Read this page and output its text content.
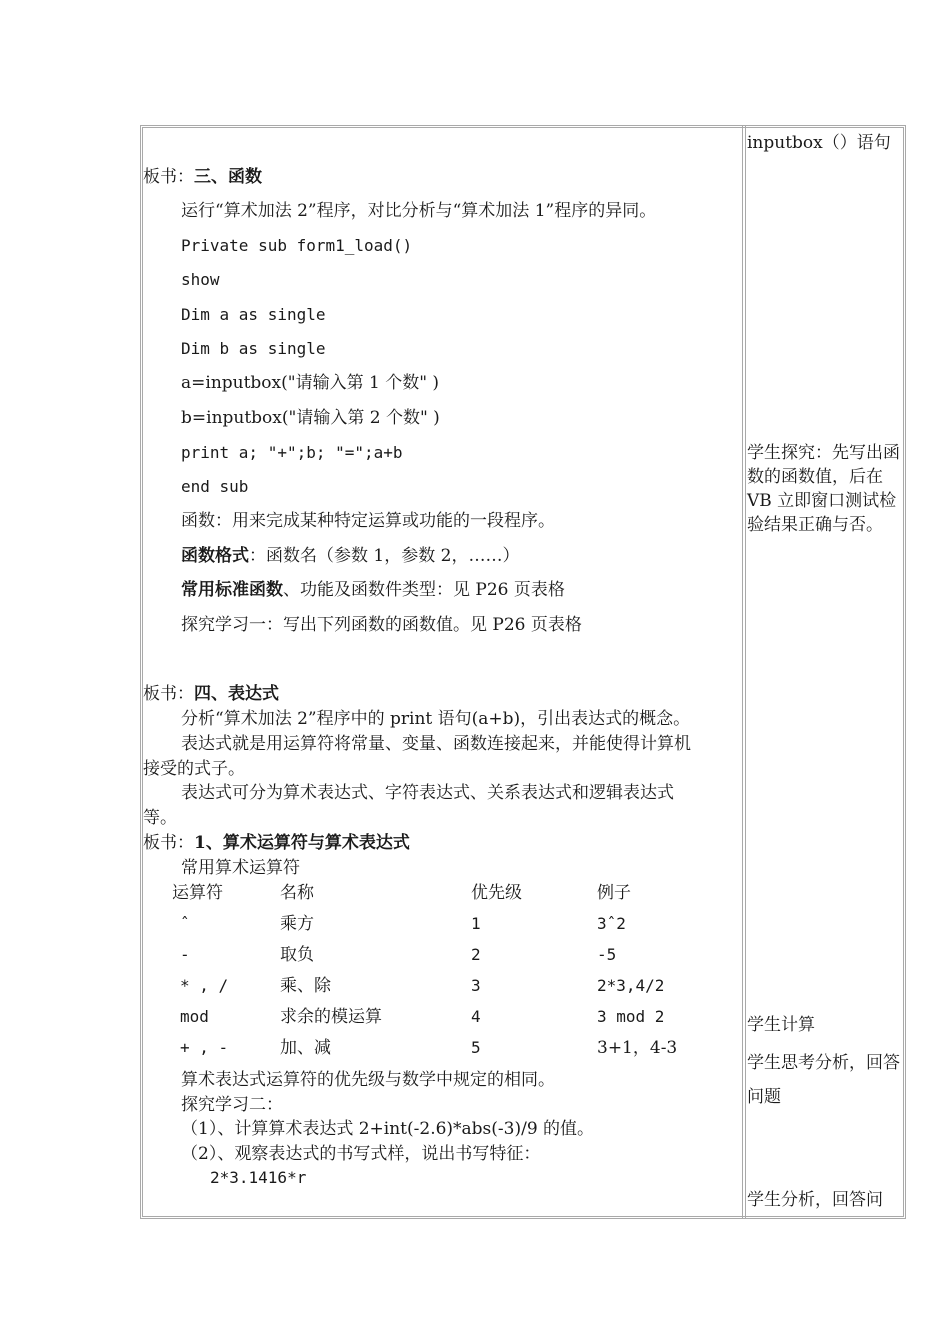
板书：三、函数
运行“算术加法 2”程序，对比分析与“算术加法 1”程序的异同。
Private sub form1_load()
show
Dim a as single
Dim b as single
a=inputbox("请输入第 1 个数" )
b=inputbox("请输入第 2 个数" )
print a; "+";b; "=";a+b
end sub
函数：用来完成某种特定运算或功能的一段程序。
函数格式：函数名（参数 1，参数 2，……）
常用标准函数、功能及函数件类型：见 P26 页表格
探究学习一：写出下列函数的函数值。见 P26 页表格
板书：四、表达式
分析“算术加法 2”程序中的 print 语句(a+b)，引出表达式的概念。
表达式就是用运算符将常量、变量、函数连接起来，并能使得计算机
接受的式子。
表达式可分为算术表达式、字符表达式、关系表达式和逻辑表达式
等。
板书：1、算术运算符与算术表达式
常用算术运算符
运算符	名称	优先级	例子
ˆ	乘方	1	3ˆ2
-	取负	2	-5
* , /	乘、除	3	2*3,4/2
mod	求余的模运算	4	3 mod 2
+ , -	加、减	5	3+1，4-3
算术表达式运算符的优先级与数学中规定的相同。
探究学习二：
（1）、计算算术表达式 2+int(-2.6)*abs(-3)/9 的值。
（2）、观察表达式的书写式样，说出书写特征：
2*3.1416*r
inputbox（）语句
学生探究：先写出函数的函数值，后在 VB 立即窗口测试检验结果正确与否。
学生计算
学生思考分析，回答问题
学生分析，回答问
